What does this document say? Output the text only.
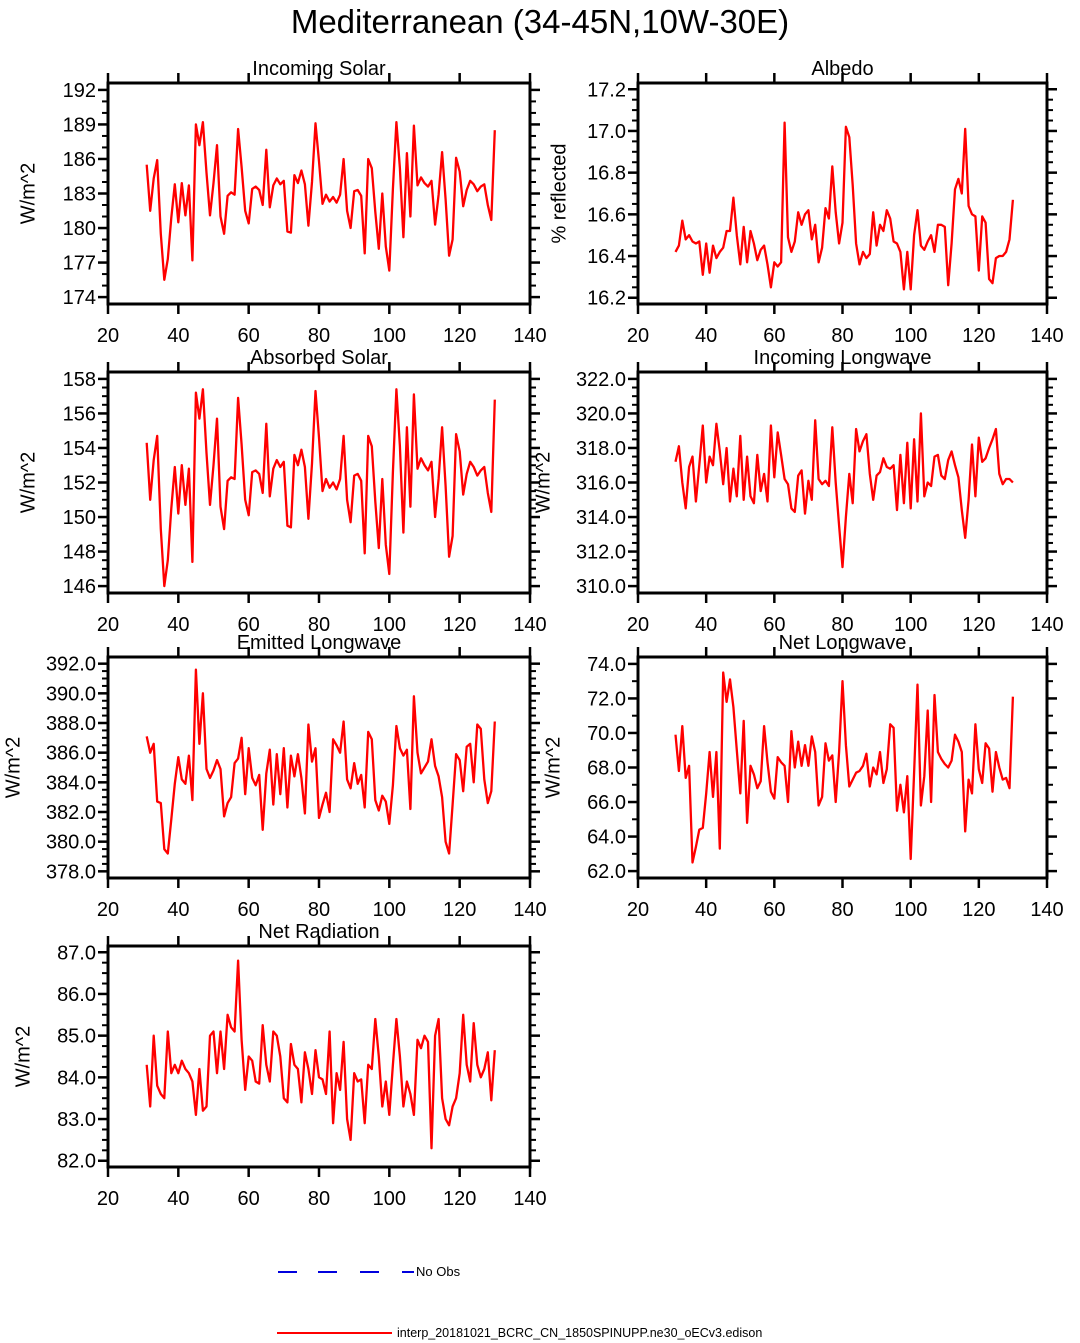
Mediterranean (34-45N,10W-30E)
Incoming Solar
W/m^2
20 40 60 80 100 120 140
174
177
180
183
186
189
192
Albedo
% reflected
20 40 60 80 100 120 140
16.2
16.4
16.6
16.8
17.0
17.2
Absorbed Solar
W/m^2
20 40 60 80 100 120 140
146
148
150
152
154
156
158
Incoming Longwave
W/m^2
20 40 60 80 100 120 140
310.0
312.0
314.0
316.0
318.0
320.0
322.0
Emitted Longwave
W/m^2
20 40 60 80 100 120 140
378.0
380.0
382.0
384.0
386.0
388.0
390.0
392.0
Net Longwave
W/m^2
20 40 60 80 100 120 140
62.0
64.0
66.0
68.0
70.0
72.0
74.0
Net Radiation
W/m^2
20 40 60 80 100 120 140
82.0
83.0
84.0
85.0
86.0
87.0
No Obs
interp_20181021_BCRC_CN_1850SPINUPP.ne30_oECv3.edison
